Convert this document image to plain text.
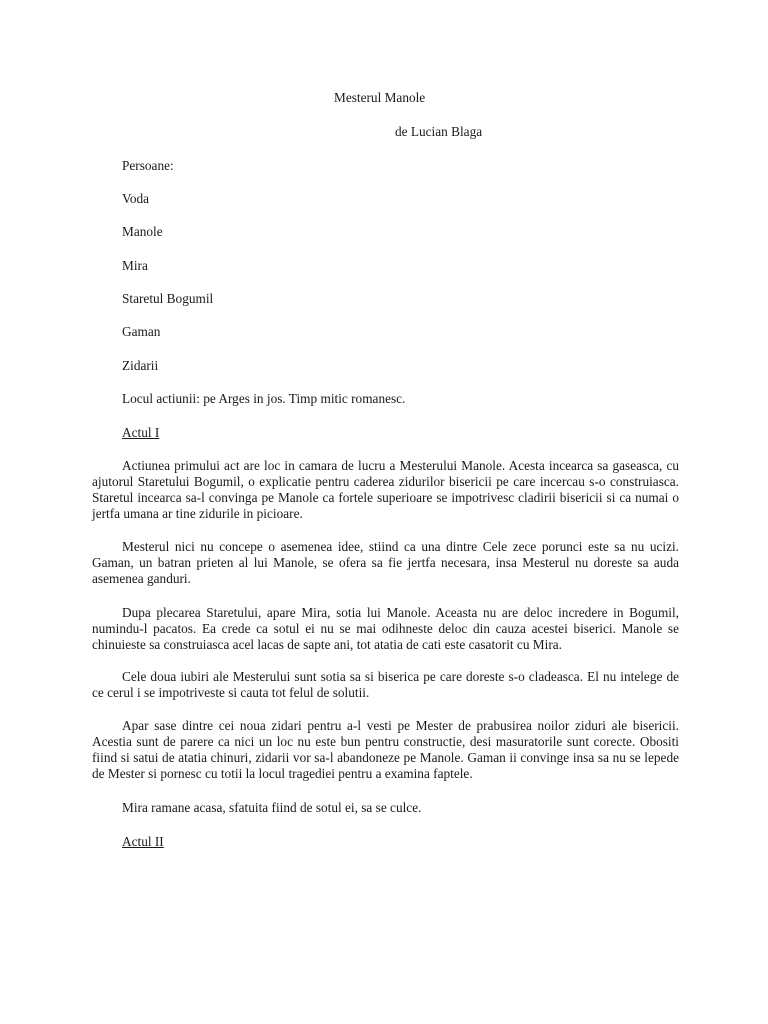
Mesterul Manole
de Lucian Blaga
Persoane:
Voda
Manole
Mira
Staretul Bogumil
Gaman
Zidarii
Locul actiunii: pe Arges in jos. Timp mitic romanesc.
Actul I

Actiunea primului act are loc in camara de lucru a Mesterului Manole. Acesta incearca sa gaseasca, cu ajutorul Staretului Bogumil, o explicatie pentru caderea zidurilor bisericii pe care incercau s-o construiasca. Staretul incearca sa-l convinga pe Manole ca fortele superioare se impotrivesc cladirii bisericii si ca numai o jertfa umana ar tine zidurile in picioare.

Mesterul nici nu concepe o asemenea idee, stiind ca una dintre Cele zece porunci este sa nu ucizi. Gaman, un batran prieten al lui Manole, se ofera sa fie jertfa necesara, insa Mesterul nu doreste sa auda asemenea ganduri.

Dupa plecarea Staretului, apare Mira, sotia lui Manole. Aceasta nu are deloc incredere in Bogumil, numindu-l pacatos. Ea crede ca sotul ei nu se mai odihneste deloc din cauza acestei biserici. Manole se chinuieste sa construiasca acel lacas de sapte ani, tot atatia de cati este casatorit cu Mira.

Cele doua iubiri ale Mesterului sunt sotia sa si biserica pe care doreste s-o cladeasca. El nu intelege de ce cerul i se impotriveste si cauta tot felul de solutii.

Apar sase dintre cei noua zidari pentru a-l vesti pe Mester de prabusirea noilor ziduri ale bisericii. Acestia sunt de parere ca nici un loc nu este bun pentru constructie, desi masuratorile sunt corecte. Obositi fiind si satui de atatia chinuri, zidarii vor sa-l abandoneze pe Manole. Gaman ii convinge insa sa nu se lepede de Mester si pornesc cu totii la locul tragediei pentru a examina faptele.

Mira ramane acasa, sfatuita fiind de sotul ei, sa se culce.

Actul II
